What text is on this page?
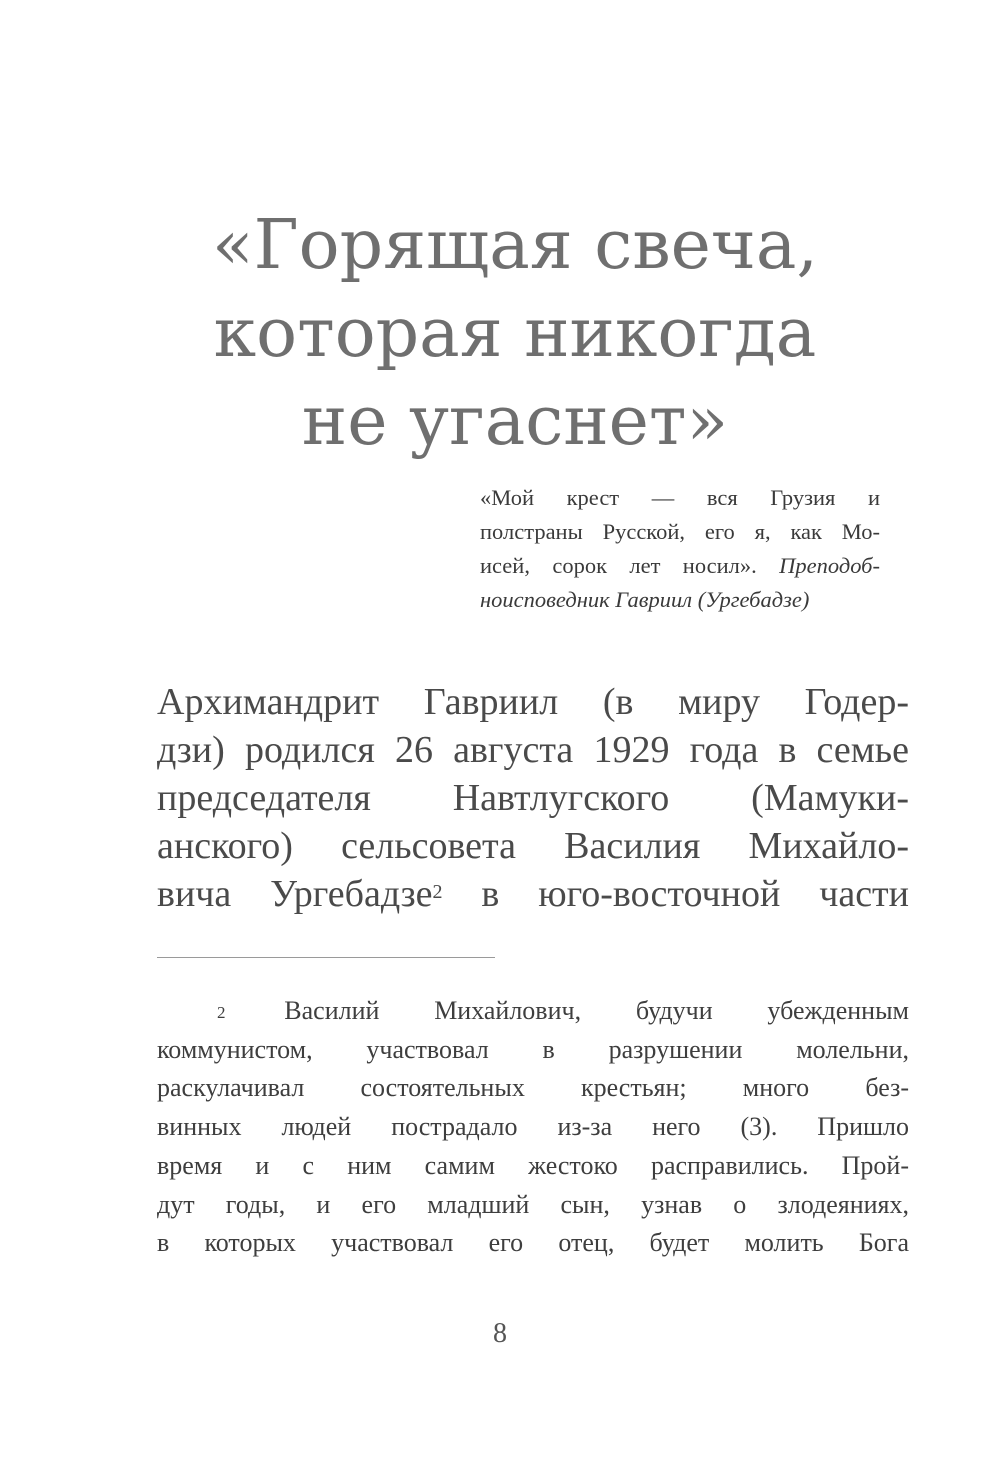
«Горящая свеча,
которая никогда
не угаснет»
«Мой крест — вся Грузия и
полстраны Русской, его я, как Мо-
исей, сорок лет носил». Преподоб-
ноисповедник Гавриил (Ургебадзе)
Архимандрит Гавриил (в миру Годер-
дзи) родился 26 августа 1929 года в семье
председателя Навтлугского (Мамуки-
анского) сельсовета Василия Михайло-
вича Ургебадзе$^2$ в юго-восточной части
$^2$ Василий Михайлович, будучи убежденным
коммунистом, участвовал в разрушении молельни,
раскулачивал состоятельных крестьян; много без-
винных людей пострадало из-за него (3). Пришло
время и с ним самим жестоко расправились. Прой-
дут годы, и его младший сын, узнав о злодеяниях,
в которых участвовал его отец, будет молить Бога
8
